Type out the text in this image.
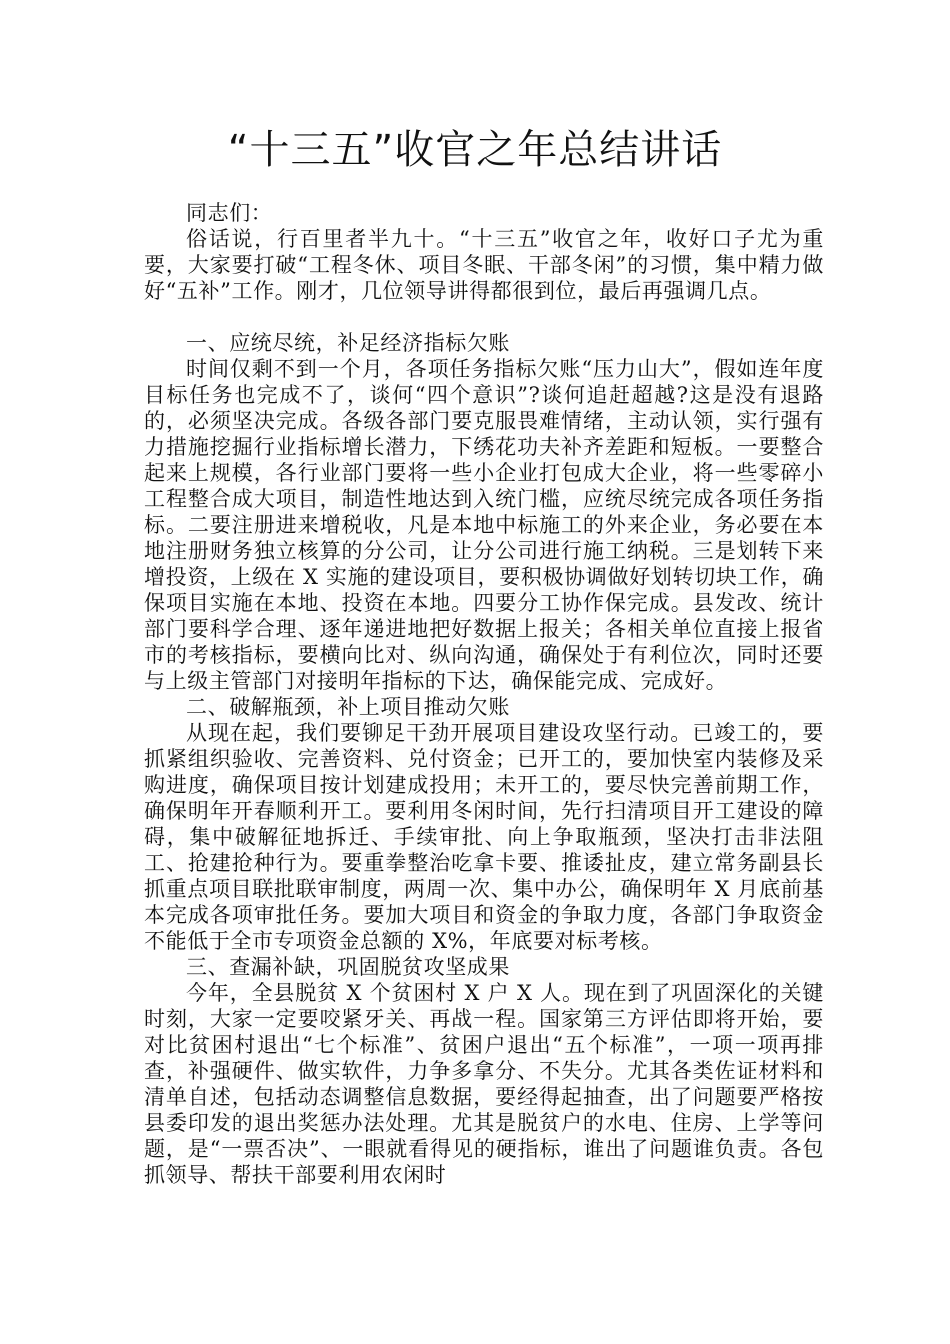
“十三五”收官之年总结讲话

同志们：

俗话说，行百里者半九十。“十三五”收官之年，收好口子尤为重要，大家要打破“工程冬休、项目冬眠、干部冬闲”的习惯，集中精力做好“五补”工作。刚才，几位领导讲得都很到位，最后再强调几点。

一、应统尽统，补足经济指标欠账

时间仅剩不到一个月，各项任务指标欠账“压力山大”，假如连年度目标任务也完成不了，谈何“四个意识”?谈何追赶超越?这是没有退路的，必须坚决完成。各级各部门要克服畏难情绪，主动认领，实行强有力措施挖掘行业指标增长潜力，下绣花功夫补齐差距和短板。一要整合起来上规模，各行业部门要将一些小企业打包成大企业，将一些零碎小工程整合成大项目，制造性地达到入统门槛，应统尽统完成各项任务指标。二要注册进来增税收，凡是本地中标施工的外来企业，务必要在本地注册财务独立核算的分公司，让分公司进行施工纳税。三是划转下来增投资，上级在 X 实施的建设项目，要积极协调做好划转切块工作，确保项目实施在本地、投资在本地。四要分工协作保完成。县发改、统计部门要科学合理、逐年递进地把好数据上报关；各相关单位直接上报省市的考核指标，要横向比对、纵向沟通，确保处于有利位次，同时还要与上级主管部门对接明年指标的下达，确保能完成、完成好。

二、破解瓶颈，补上项目推动欠账

从现在起，我们要铆足干劲开展项目建设攻坚行动。已竣工的，要抓紧组织验收、完善资料、兑付资金；已开工的，要加快室内装修及采购进度，确保项目按计划建成投用；未开工的，要尽快完善前期工作，确保明年开春顺利开工。要利用冬闲时间，先行扫清项目开工建设的障碍，集中破解征地拆迁、手续审批、向上争取瓶颈，坚决打击非法阻工、抢建抢种行为。要重拳整治吃拿卡要、推诿扯皮，建立常务副县长抓重点项目联批联审制度，两周一次、集中办公，确保明年 X 月底前基本完成各项审批任务。要加大项目和资金的争取力度，各部门争取资金不能低于全市专项资金总额的 X%，年底要对标考核。

三、查漏补缺，巩固脱贫攻坚成果

今年，全县脱贫 X 个贫困村 X 户 X 人。现在到了巩固深化的关键时刻，大家一定要咬紧牙关、再战一程。国家第三方评估即将开始，要对比贫困村退出“七个标准”、贫困户退出“五个标准”，一项一项再排查，补强硬件、做实软件，力争多拿分、不失分。尤其各类佐证材料和清单自述，包括动态调整信息数据，要经得起抽查，出了问题要严格按县委印发的退出奖惩办法处理。尤其是脱贫户的水电、住房、上学等问题，是“一票否决”、一眼就看得见的硬指标，谁出了问题谁负责。各包抓领导、帮扶干部要利用农闲时
